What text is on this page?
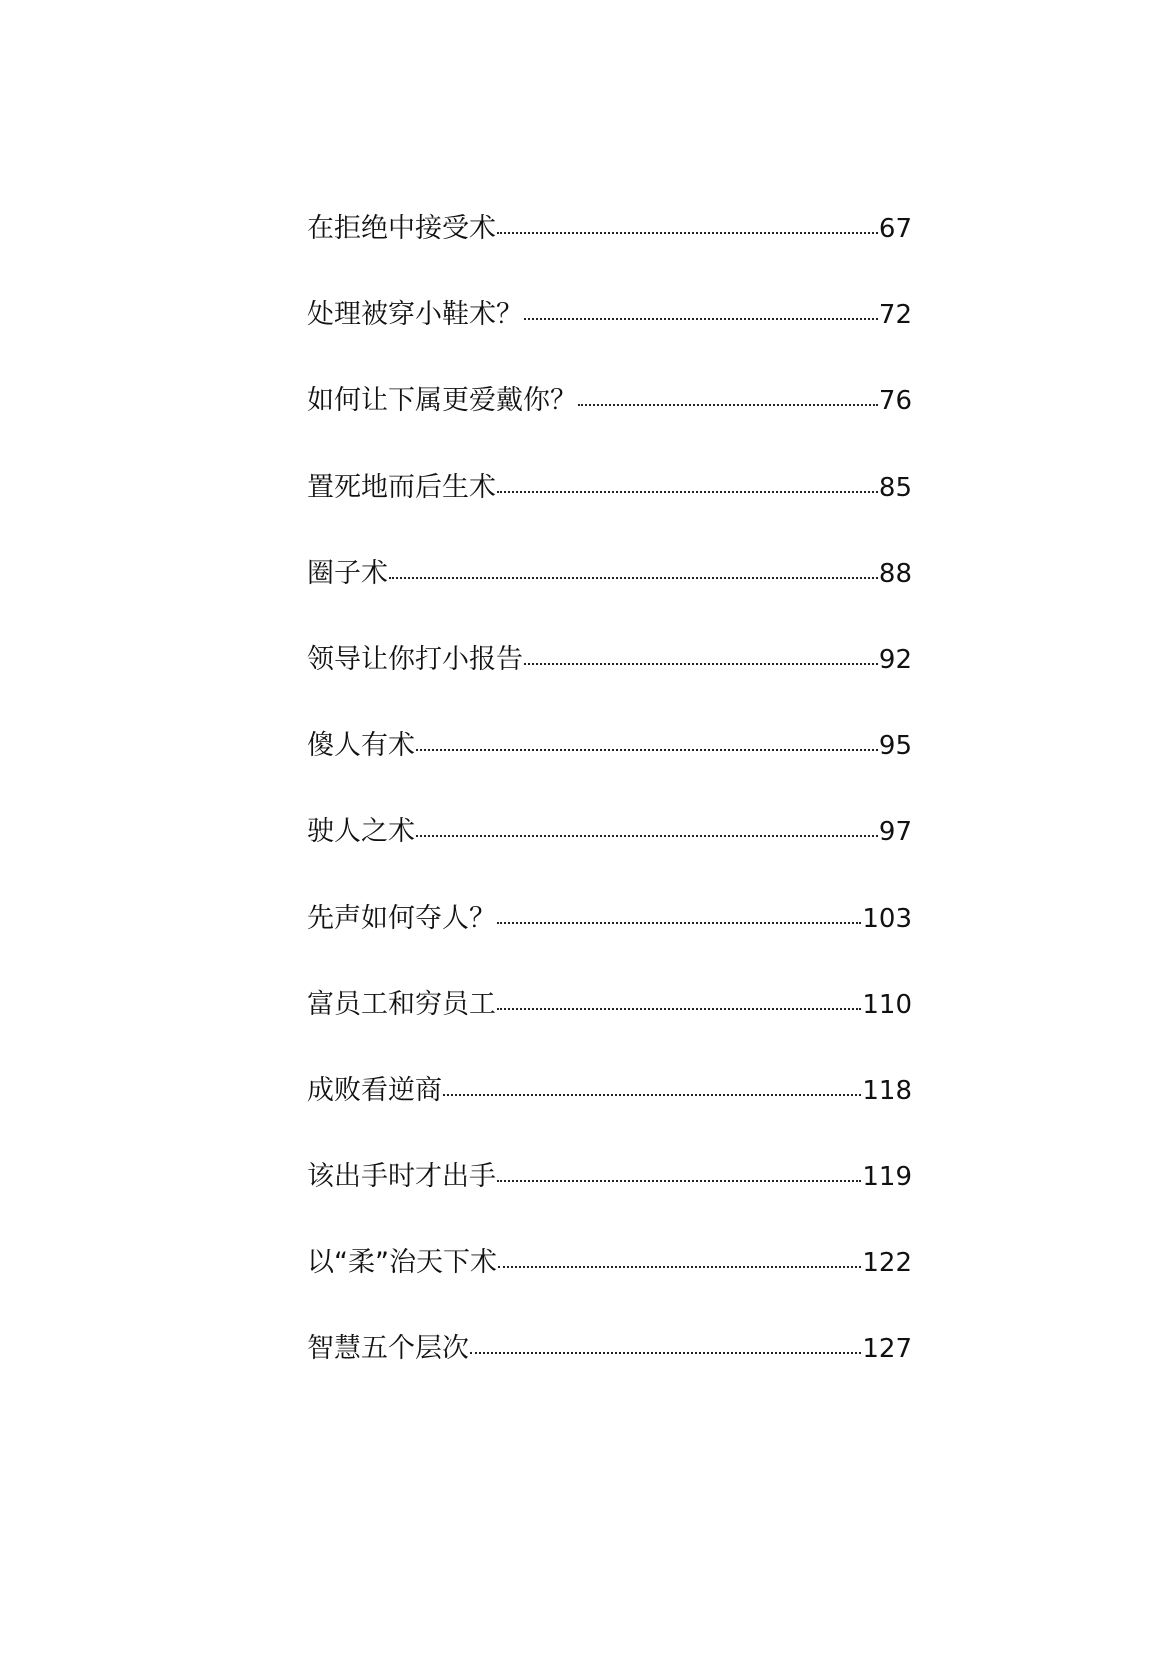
在拒绝中接受术	67
处理被穿小鞋术？	72
如何让下属更爱戴你？	76
置死地而后生术	85
圈子术	88
领导让你打小报告	92
傻人有术	95
驶人之术	97
先声如何夺人？	103
富员工和穷员工	110
成败看逆商	118
该出手时才出手	119
以“柔”治天下术	122
智慧五个层次	127
